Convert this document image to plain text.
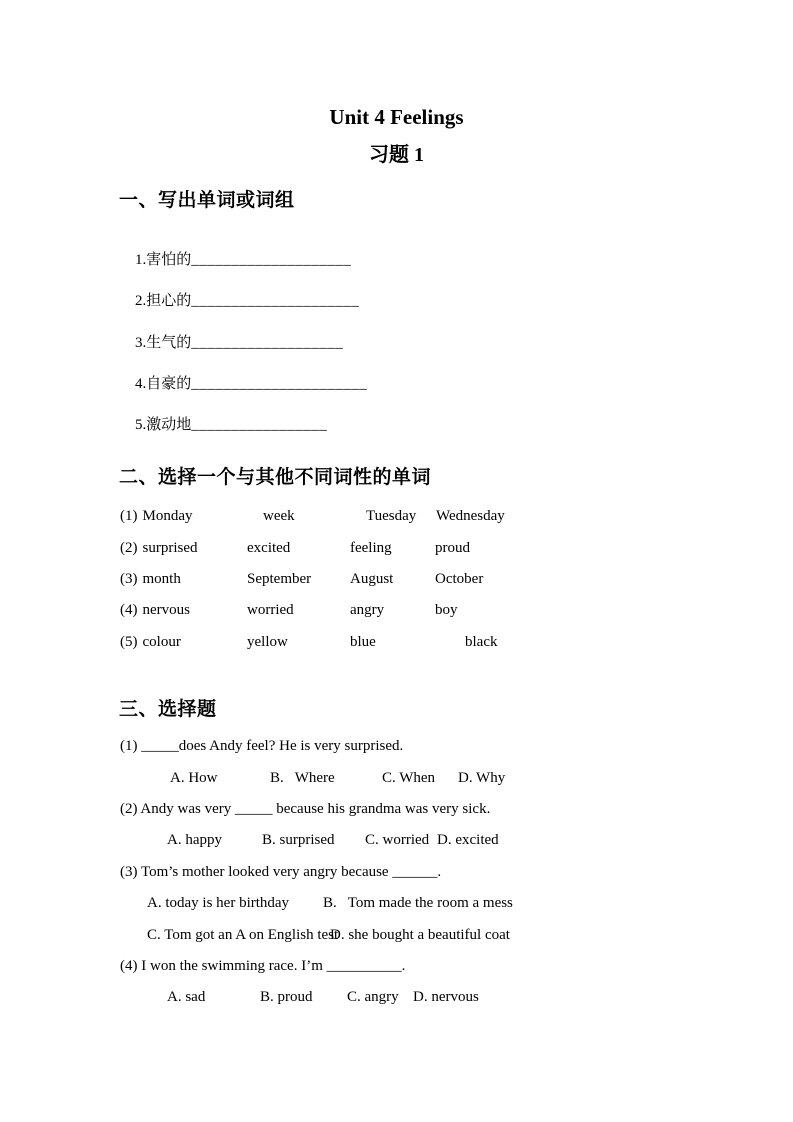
Unit 4 Feelings
习题 1
一、写出单词或词组

1.害怕的____________________

2.担心的_____________________

3.生气的___________________

4.自豪的______________________

5.激动地_________________

二、选择一个与其他不同词性的单词
(1) Monday	week	Tuesday	Wednesday
(2) surprised	excited	feeling	proud
(3) month	September	August	October
(4) nervous	worried	angry	boy
(5) colour	yellow	blue	black
三、选择题
(1) _____does Andy feel? He is very surprised.
A. How	B.   Where	C. When	D. Why
(2) Andy was very _____ because his grandma was very sick.
A. happy	B. surprised	C. worried D. excited
(3) Tom’s mother looked very angry because ______.
A. today is her birthday	B.   Tom made the room a mess
C. Tom got an A on English test
D. she bought a beautiful coat
(4) I won the swimming race. I’m __________.
A. sad	B. proud	C. angry D. nervous
